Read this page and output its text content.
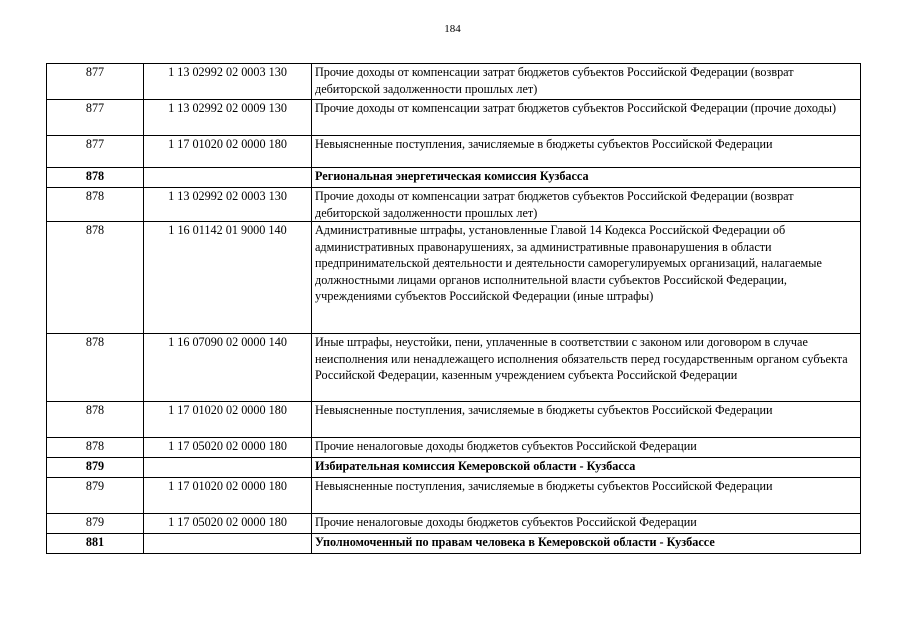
184
877	1 13 02992 02 0003 130	Прочие доходы от компенсации затрат бюджетов субъектов Российской Федерации (возврат дебиторской задолженности прошлых лет)
877	1 13 02992 02 0009 130	Прочие доходы от компенсации затрат бюджетов субъектов Российской Федерации (прочие доходы)
877	1 17 01020 02 0000 180	Невыясненные поступления, зачисляемые в бюджеты субъектов Российской Федерации
878		Региональная энергетическая комиссия Кузбасса
878	1 13 02992 02 0003 130	Прочие доходы от компенсации затрат бюджетов субъектов Российской Федерации (возврат дебиторской задолженности прошлых лет)
878	1 16 01142 01 9000 140	Административные штрафы, установленные Главой 14 Кодекса Российской Федерации об административных правонарушениях, за административные правонарушения в области предпринимательской деятельности и деятельности саморегулируемых организаций, налагаемые должностными лицами органов исполнительной власти субъектов Российской Федерации, учреждениями субъектов Российской Федерации (иные штрафы)
878	1 16 07090 02 0000 140	Иные штрафы, неустойки, пени, уплаченные в соответствии с законом или договором в случае неисполнения или ненадлежащего исполнения обязательств перед государственным органом субъекта Российской Федерации, казенным учреждением субъекта Российской Федерации
878	1 17 01020 02 0000 180	Невыясненные поступления, зачисляемые в бюджеты субъектов Российской Федерации
878	1 17 05020 02 0000 180	Прочие неналоговые доходы бюджетов субъектов Российской Федерации
879		Избирательная комиссия Кемеровской области - Кузбасса
879	1 17 01020 02 0000 180	Невыясненные поступления, зачисляемые в бюджеты субъектов Российской Федерации
879	1 17 05020 02 0000 180	Прочие неналоговые доходы бюджетов субъектов Российской Федерации
881		Уполномоченный по правам человека в Кемеровской области - Кузбассе
